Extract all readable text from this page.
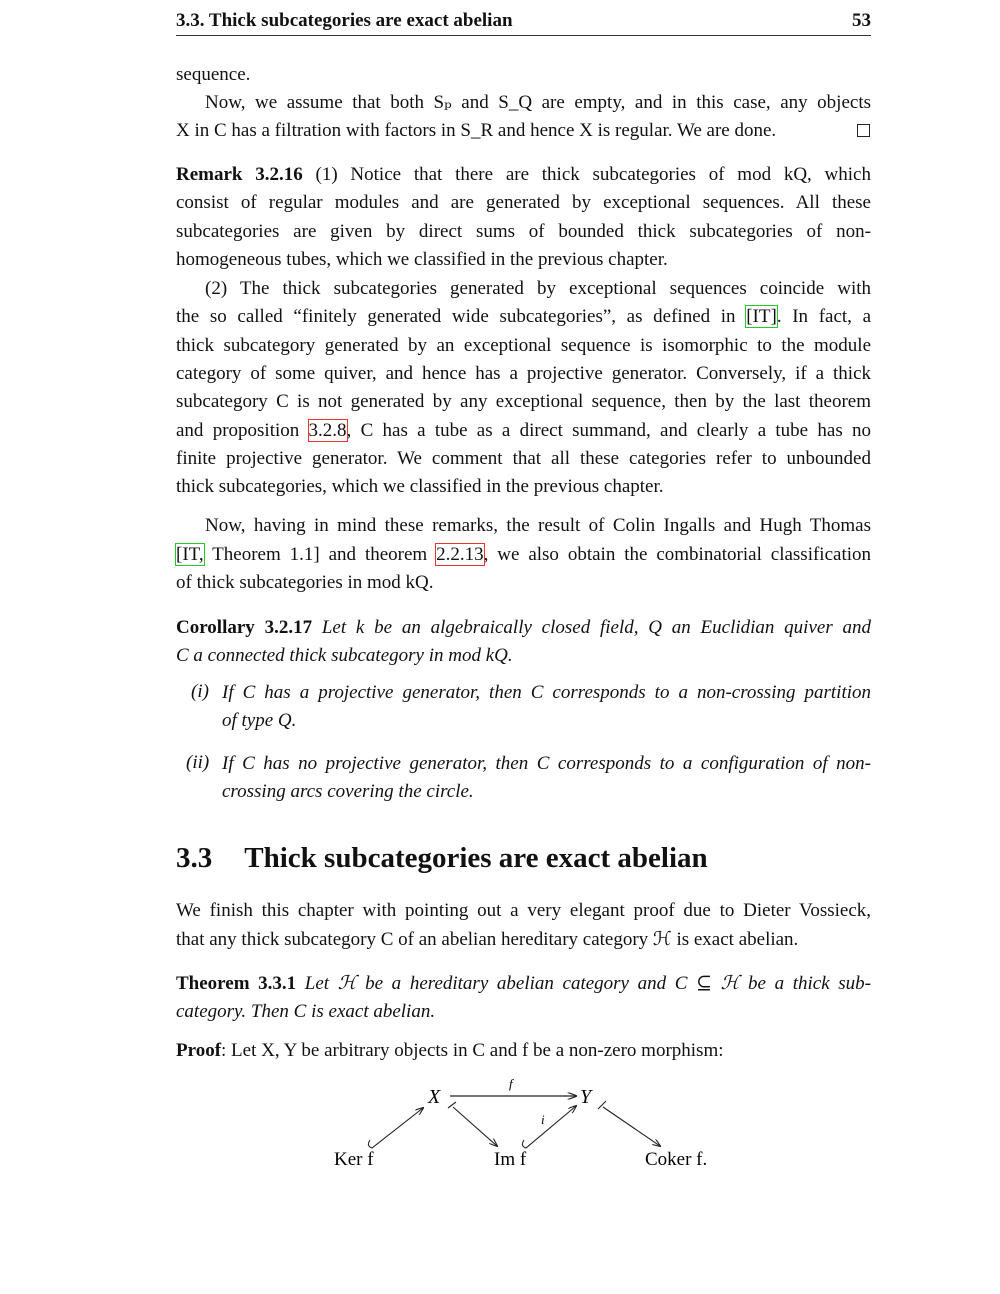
3.3. Thick subcategories are exact abelian	53
sequence.
Now, we assume that both Sₚ and S_Q are empty, and in this case, any objects
X in C has a filtration with factors in S_R and hence X is regular. We are done.
Remark 3.2.16 (1) Notice that there are thick subcategories of mod kQ, which
consist of regular modules and are generated by exceptional sequences. All these
subcategories are given by direct sums of bounded thick subcategories of non-
homogeneous tubes, which we classified in the previous chapter.
(2) The thick subcategories generated by exceptional sequences coincide with
the so called “finitely generated wide subcategories”, as defined in [IT]. In fact, a
thick subcategory generated by an exceptional sequence is isomorphic to the module
category of some quiver, and hence has a projective generator. Conversely, if a thick
subcategory C is not generated by any exceptional sequence, then by the last theorem
and proposition 3.2.8, C has a tube as a direct summand, and clearly a tube has no
finite projective generator. We comment that all these categories refer to unbounded
thick subcategories, which we classified in the previous chapter.
Now, having in mind these remarks, the result of Colin Ingalls and Hugh Thomas
[IT, Theorem 1.1] and theorem 2.2.13, we also obtain the combinatorial classification
of thick subcategories in mod kQ.
Corollary 3.2.17 Let k be an algebraically closed field, Q an Euclidian quiver and
C a connected thick subcategory in mod kQ.
(i) If C has a projective generator, then C corresponds to a non-crossing partition
of type Q.
(ii) If C has no projective generator, then C corresponds to a configuration of non-
crossing arcs covering the circle.
3.3 Thick subcategories are exact abelian
We finish this chapter with pointing out a very elegant proof due to Dieter Vossieck,
that any thick subcategory C of an abelian hereditary category ℋ is exact abelian.
Theorem 3.3.1 Let ℋ be a hereditary abelian category and C ⊆ ℋ be a thick sub-
category. Then C is exact abelian.
Proof: Let X, Y be arbitrary objects in C and f be a non-zero morphism:
X	Y
f
i
Ker f	Im f	Coker f.
